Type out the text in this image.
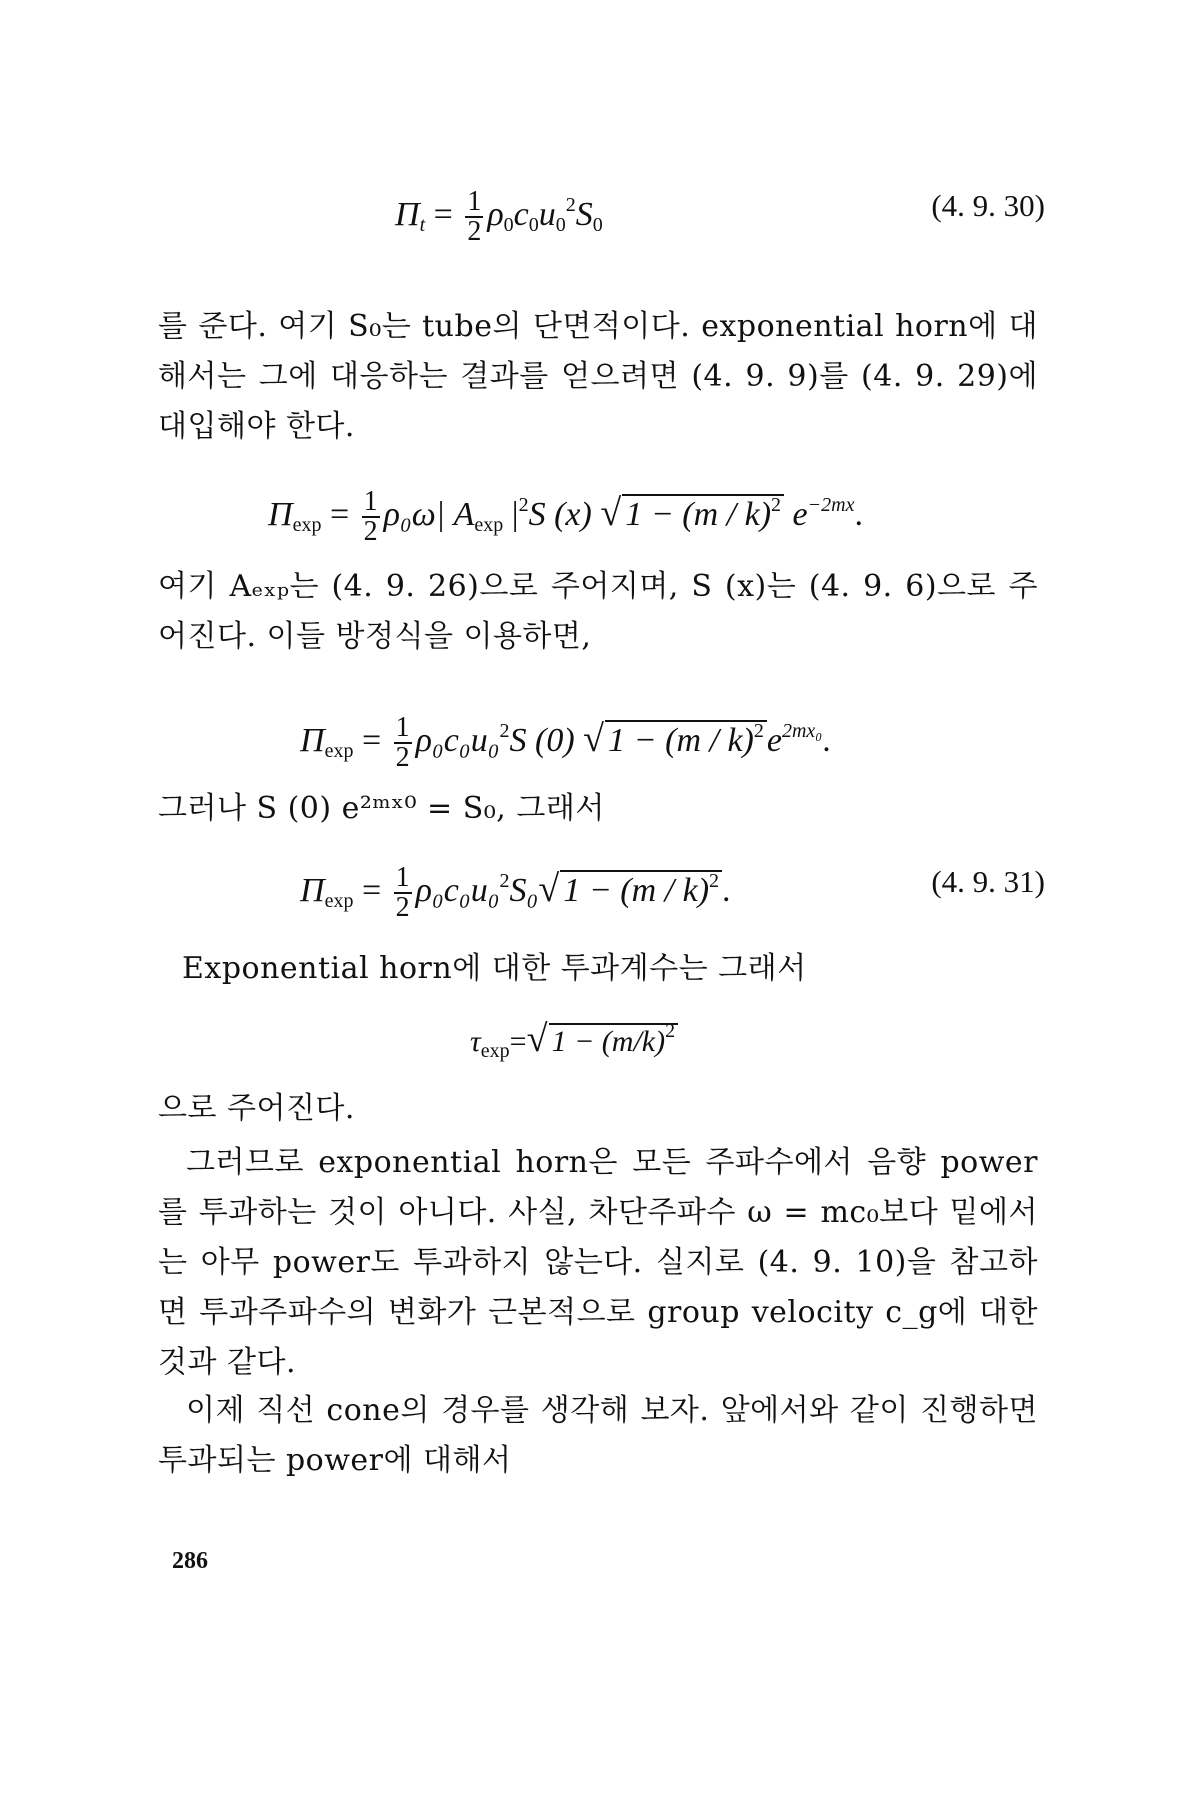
$\Pi_t = \frac{1}{2} \rho_0c_0u_0^2S_0$
(4. 9. 30)
를 준다. 여기 S₀는 tube의 단면적이다. exponential horn에 대해서는 그에 대응하는 결과를 얻으려면 (4. 9. 9)를 (4. 9. 29)에 대입해야 한다.
$\Pi_{exp} = \frac{1}{2} \rho_0\omega|$ $A_{exp}$ $|^2S$ (x) √ 1 − (m / k)$^2$ $e^{-2mx}$.
여기 Aₑₓₚ는 (4. 9. 26)으로 주어지며, S (x)는 (4. 9. 6)으로 주어진다. 이들 방정식을 이용하면,
$\Pi_{exp} = \frac{1}{2} \rho_0c_0u_0^2S$ (0) √ $1 - (m / k)^2e^{2mx_0}$.
그러나 S (0) e²ᵐˣ⁰ = S₀, 그래서
$\Pi_{exp} = \frac{1}{2} \rho_0c_0u_0^2S_0√$ 1 − (m / k)$^2$.	(4. 9. 31)
Exponential horn에 대한 투과계수는 그래서
$\tau_{exp}=√$ $1 - (m/k)^2$
으로 주어진다.
그러므로 exponential horn은 모든 주파수에서 음향 power를 투과하는 것이 아니다. 사실, 차단주파수 ω = mc₀보다 밑에서는 아무 power도 투과하지 않는다. 실지로 (4. 9. 10)을 참고하면 투과주파수의 변화가 근본적으로 group velocity c_g에 대한 것과 같다.
이제 직선 cone의 경우를 생각해 보자. 앞에서와 같이 진행하면 투과되는 power에 대해서
286
